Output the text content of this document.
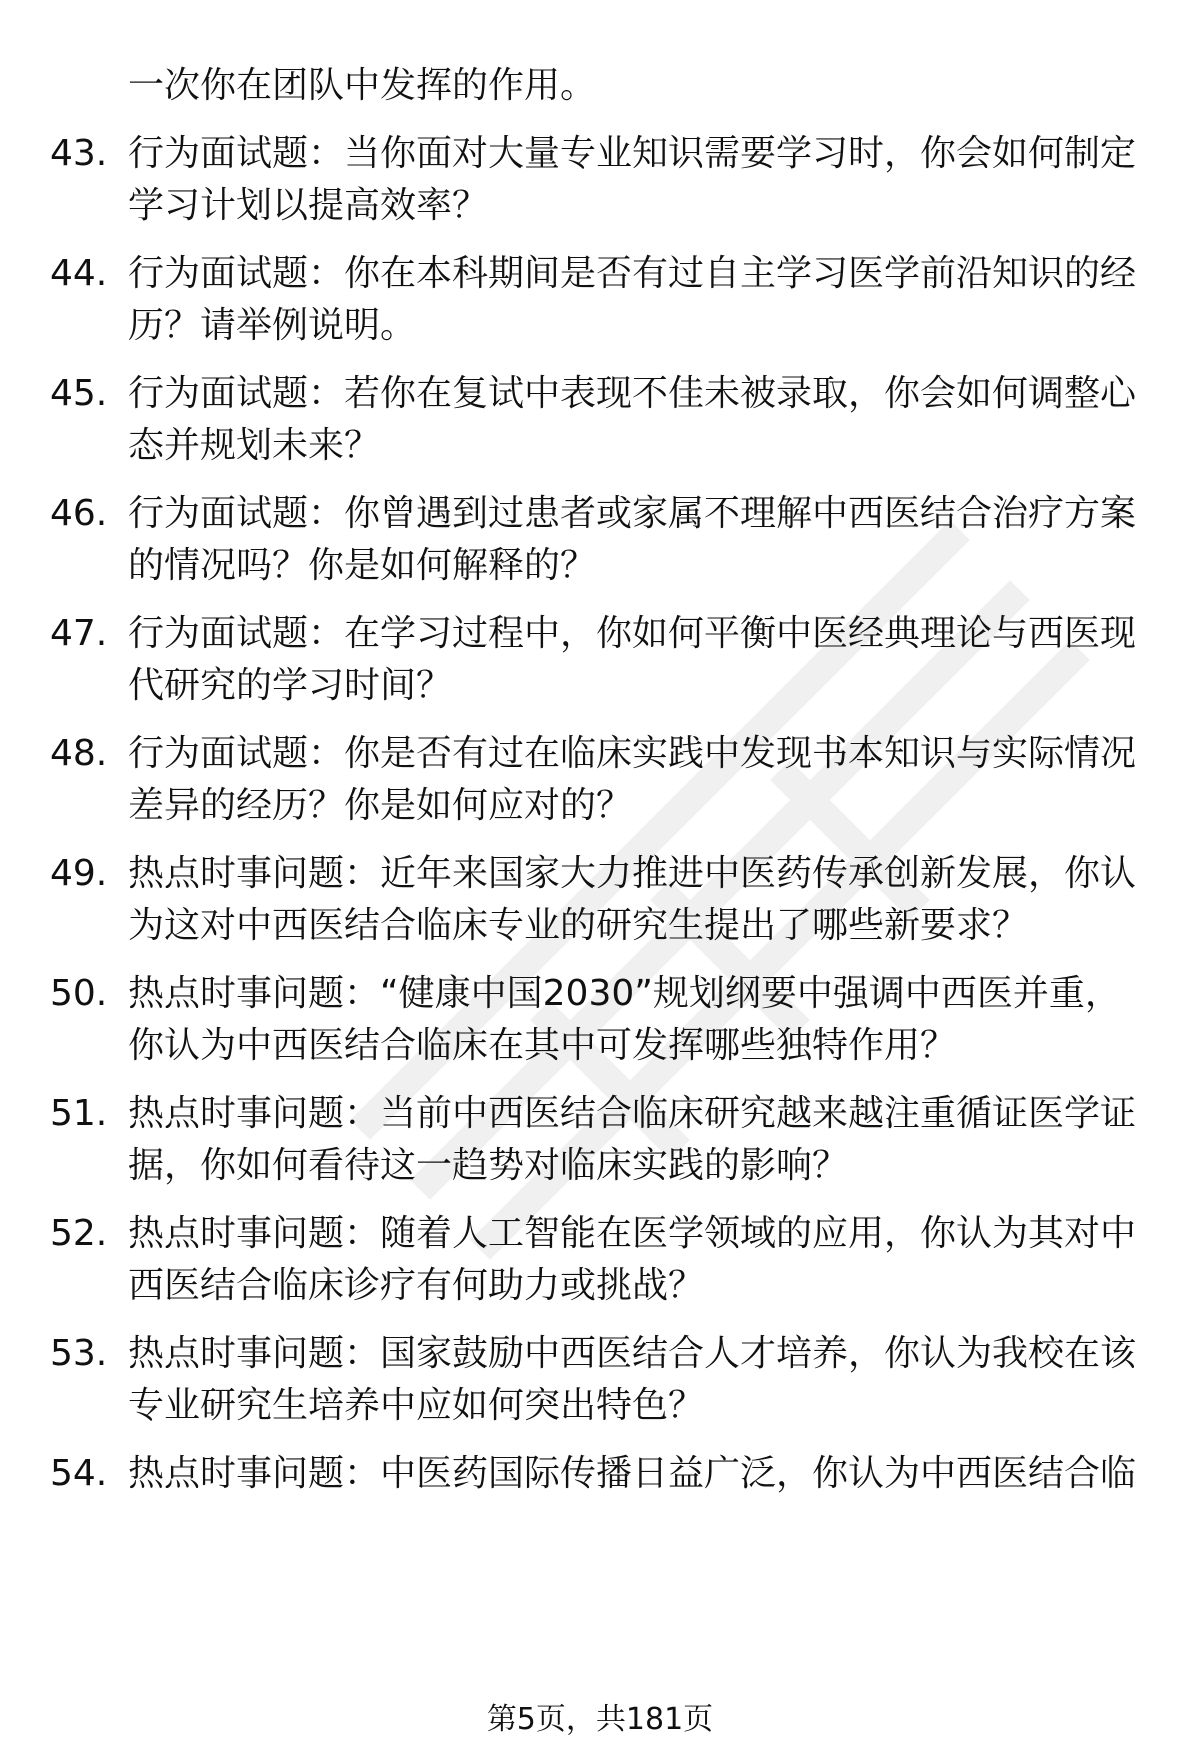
一次你在团队中发挥的作用。

43. 行为面试题：当你面对大量专业知识需要学习时，你会如何制定学习计划以提高效率？
44. 行为面试题：你在本科期间是否有过自主学习医学前沿知识的经历？请举例说明。
45. 行为面试题：若你在复试中表现不佳未被录取，你会如何调整心态并规划未来？
46. 行为面试题：你曾遇到过患者或家属不理解中西医结合治疗方案的情况吗？你是如何解释的？
47. 行为面试题：在学习过程中，你如何平衡中医经典理论与西医现代研究的学习时间？
48. 行为面试题：你是否有过在临床实践中发现书本知识与实际情况差异的经历？你是如何应对的？
49. 热点时事问题：近年来国家大力推进中医药传承创新发展，你认为这对中西医结合临床专业的研究生提出了哪些新要求？
50. 热点时事问题：“健康中国2030”规划纲要中强调中西医并重，你认为中西医结合临床在其中可发挥哪些独特作用？
51. 热点时事问题：当前中西医结合临床研究越来越注重循证医学证据，你如何看待这一趋势对临床实践的影响？
52. 热点时事问题：随着人工智能在医学领域的应用，你认为其对中西医结合临床诊疗有何助力或挑战？
53. 热点时事问题：国家鼓励中西医结合人才培养，你认为我校在该专业研究生培养中应如何突出特色？
54. 热点时事问题：中医药国际传播日益广泛，你认为中西医结合临
第5页，共181页
